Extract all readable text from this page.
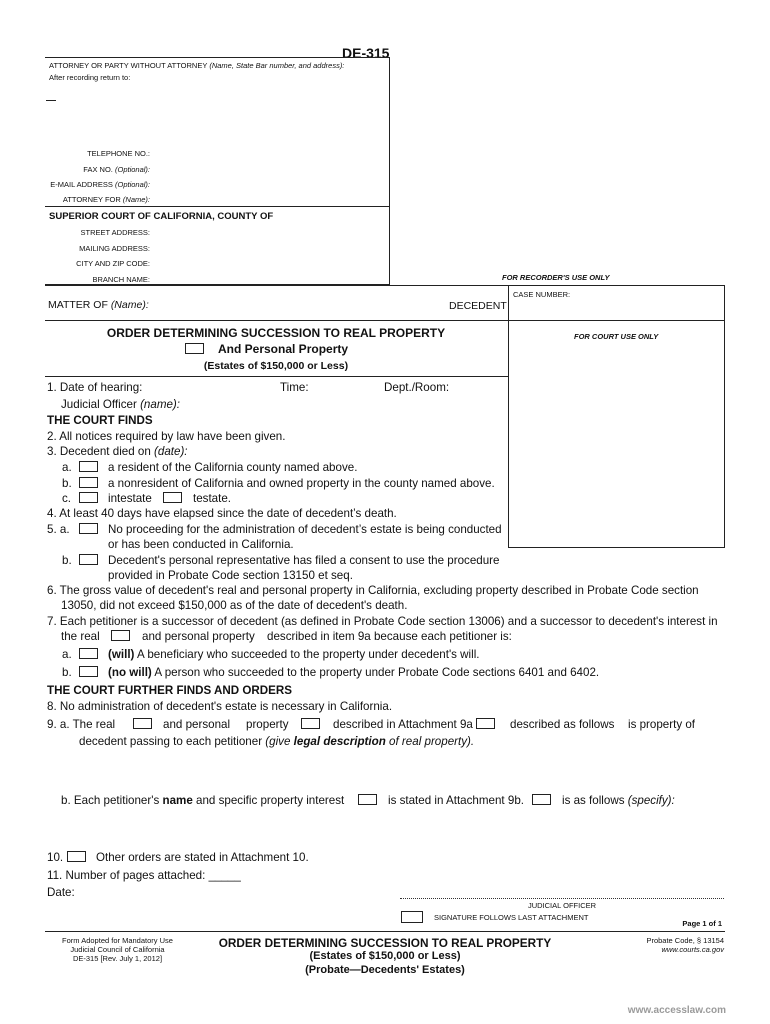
DE-315
ATTORNEY OR PARTY WITHOUT ATTORNEY (Name, State Bar number, and address):
After recording return to:
TELEPHONE NO.:
FAX NO. (Optional):
E-MAIL ADDRESS (Optional):
ATTORNEY FOR (Name):
SUPERIOR COURT OF CALIFORNIA, COUNTY OF
STREET ADDRESS:
MAILING ADDRESS:
CITY AND ZIP CODE:
BRANCH NAME:	FOR RECORDER'S USE ONLY
MATTER OF (Name):	DECEDENT
CASE NUMBER:
FOR COURT USE ONLY
ORDER DETERMINING SUCCESSION TO REAL PROPERTY
And Personal Property
(Estates of $150,000 or Less)
1. Date of hearing:	Time:	Dept./Room:
Judicial Officer (name):
THE COURT FINDS
2. All notices required by law have been given.
3. Decedent died on (date):
a.	a resident of the California county named above.
b.	a nonresident of California and owned property in the county named above.
c.	intestate	testate.
4. At least 40 days have elapsed since the date of decedent’s death.
5. a.	No proceeding for the administration of decedent’s estate is being conducted
or has been conducted in California.
b.	Decedent's personal representative has filed a consent to use the procedure
provided in Probate Code section 13150 et seq.
6. The gross value of decedent's real and personal property in California, excluding property described in Probate Code section
13050, did not exceed $150,000 as of the date of decedent's death.
7. Each petitioner is a successor of decedent (as defined in Probate Code section 13006) and a successor to decedent's interest in
the real	and personal property described in item 9a because each petitioner is:
a.	(will) A beneficiary who succeeded to the property under decedent's will.
b.	(no will) A person who succeeded to the property under Probate Code sections 6401 and 6402.
THE COURT FURTHER FINDS AND ORDERS
8. No administration of decedent's estate is necessary in California.
9. a. The real	and personal property	described in Attachment 9a	described as follows is property of
decedent passing to each petitioner (give legal description of real property).
b. Each petitioner's name and specific property interest	is stated in Attachment 9b.	is as follows (specify):
10.	Other orders are stated in Attachment 10.
11. Number of pages attached: _____
Date:
JUDICIAL OFFICER
SIGNATURE FOLLOWS LAST ATTACHMENT
Page 1 of 1
Form Adopted for Mandatory Use
Judicial Council of California
DE-315 [Rev. July 1, 2012]
ORDER DETERMINING SUCCESSION TO REAL PROPERTY
(Estates of $150,000 or Less)
(Probate—Decedents' Estates)
Probate Code, § 13154
www.courts.ca.gov
www.accesslaw.com
